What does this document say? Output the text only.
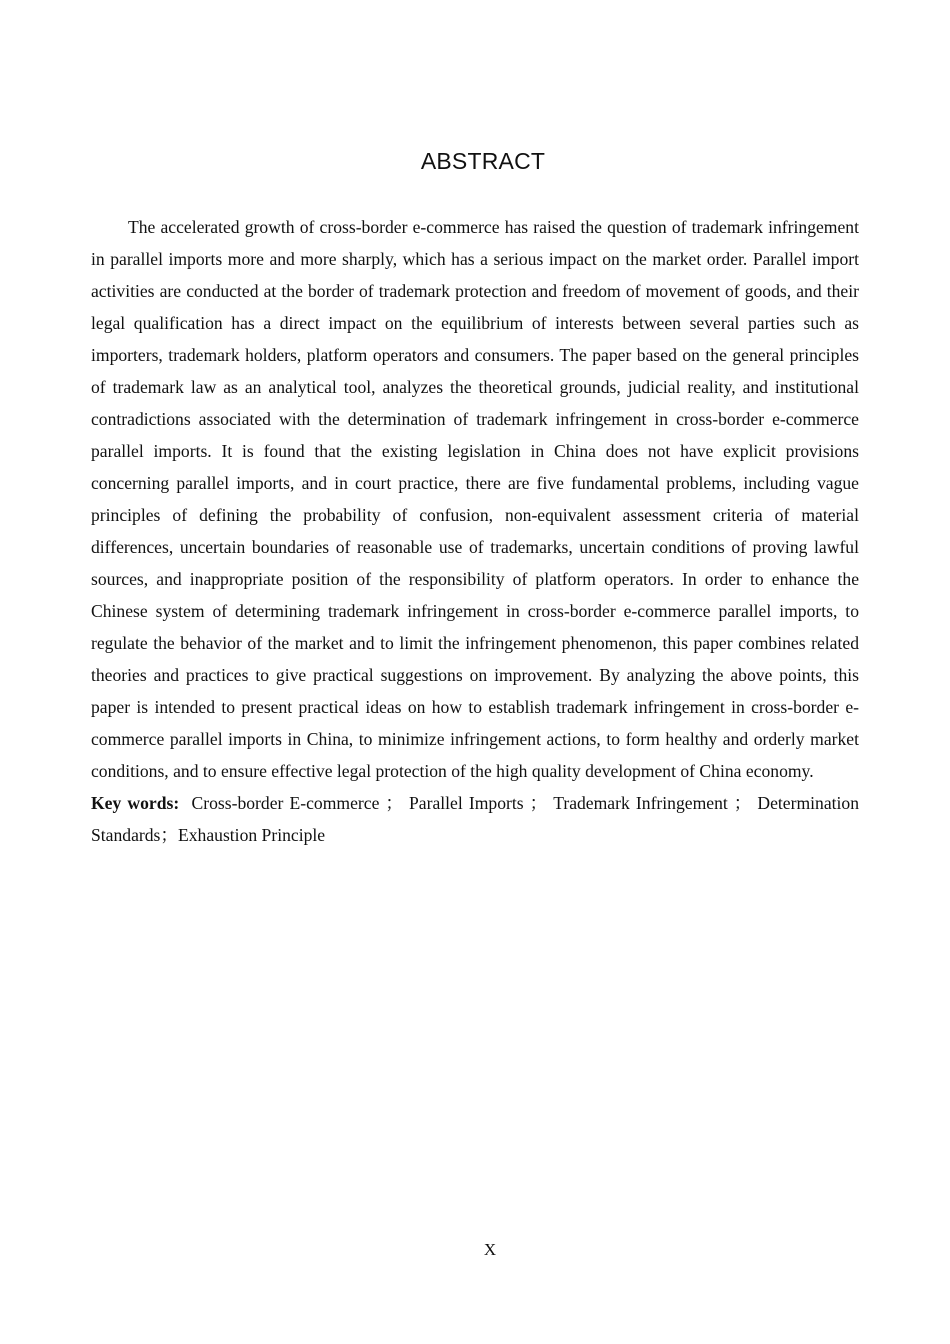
ABSTRACT

The accelerated growth of cross-border e-commerce has raised the question of trademark infringement in parallel imports more and more sharply, which has a serious impact on the market order. Parallel import activities are conducted at the border of trademark protection and freedom of movement of goods, and their legal qualification has a direct impact on the equilibrium of interests between several parties such as importers, trademark holders, platform operators and consumers. The paper based on the general principles of trademark law as an analytical tool, analyzes the theoretical grounds, judicial reality, and institutional contradictions associated with the determination of trademark infringement in cross-border e-commerce parallel imports. It is found that the existing legislation in China does not have explicit provisions concerning parallel imports, and in court practice, there are five fundamental problems, including vague principles of defining the probability of confusion, non-equivalent assessment criteria of material differences, uncertain boundaries of reasonable use of trademarks, uncertain conditions of proving lawful sources, and inappropriate position of the responsibility of platform operators. In order to enhance the Chinese system of determining trademark infringement in cross-border e-commerce parallel imports, to regulate the behavior of the market and to limit the infringement phenomenon, this paper combines related theories and practices to give practical suggestions on improvement. By analyzing the above points, this paper is intended to present practical ideas on how to establish trademark infringement in cross-border e-commerce parallel imports in China, to minimize infringement actions, to form healthy and orderly market conditions, and to ensure effective legal protection of the high quality development of China economy.

Key words: Cross-border E-commerce ； Parallel Imports ； Trademark Infringement ； Determination Standards；Exhaustion Principle

X
